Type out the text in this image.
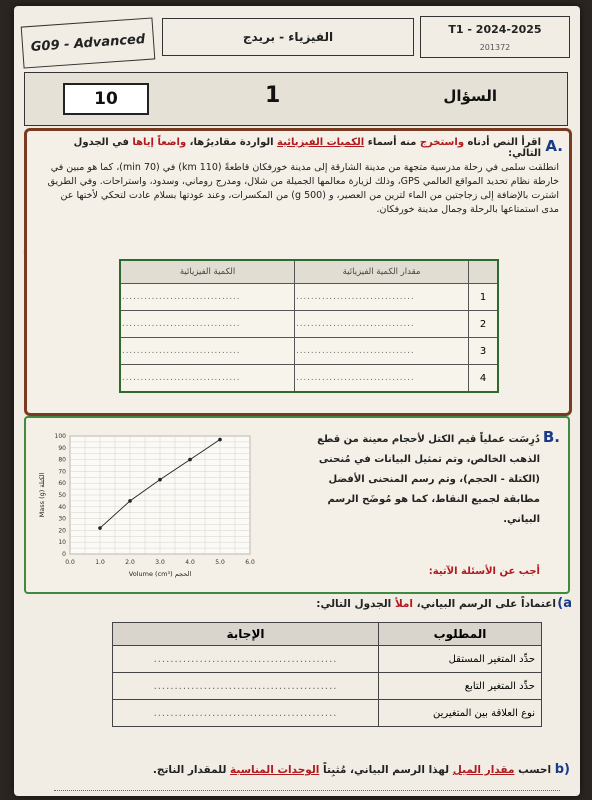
G09 - Advanced	الفيزياء - بريدج
T1 - 2024-2025
201372
10	1	السؤال
A.
اقرأ النص أدناه واستخرج منه أسماء الكميات الفيزيائية الواردة مقاديرُها، واضعاً إياها في الجدول التالي:
انطلقت سلمى في رحلة مدرسية متجهة من مدينة الشارقة إلى مدينة خورفكان قاطعةً (110 km) في (70 min)، كما هو مبين في خارطة نظام تحديد المواقع العالمي GPS، وذلك لزيارة معالمها الجميلة من شلال، ومدرج روماني، وسدود، واستراحات. وفي الطريق اشترت بالإضافة إلى زجاجتين من الماء لترين من العصير، و (500 g) من المكسرات، وعند عودتها بسلام عادت لتحكي لأختها عن مدى استمتاعها بالرحلة وجمال مدينة خورفكان.
الكمية الفيزيائية	مقدار الكمية الفيزيائية	
................................	................................	1
................................	................................	2
................................	................................	3
................................	................................	4
0.0	1.0	2.0	3.0	4.0	5.0	6.0
0
10
20
30
40
50
60
70
80
90
100
Volume (cm³) الحجم
Mass (g) الكتلة
B.
دُرِسَت عملياً قيم الكتل لأحجام معينة من قطع الذهب الخالص، وتم تمثيل البيانات في مُنحنى (الكتلة - الحجم)، وتم رسم المنحنى الأفضل مطابقة لجميع النقاط، كما هو مُوضَح الرسم البياني.
أجب عن الأسئلة الآتية:
(a
اعتماداً على الرسم البياني، املأ الجدول التالي:
المطلوب	الإجابة
حدِّد المتغير المستقل	............................................
حدِّد المتغير التابع	............................................
نوع العلاقة بين المتغيرين	............................................
(b احسب مقدار الميل لهذا الرسم البياني، مُثبِتاً الوحدات المناسبة للمقدار الناتج.
